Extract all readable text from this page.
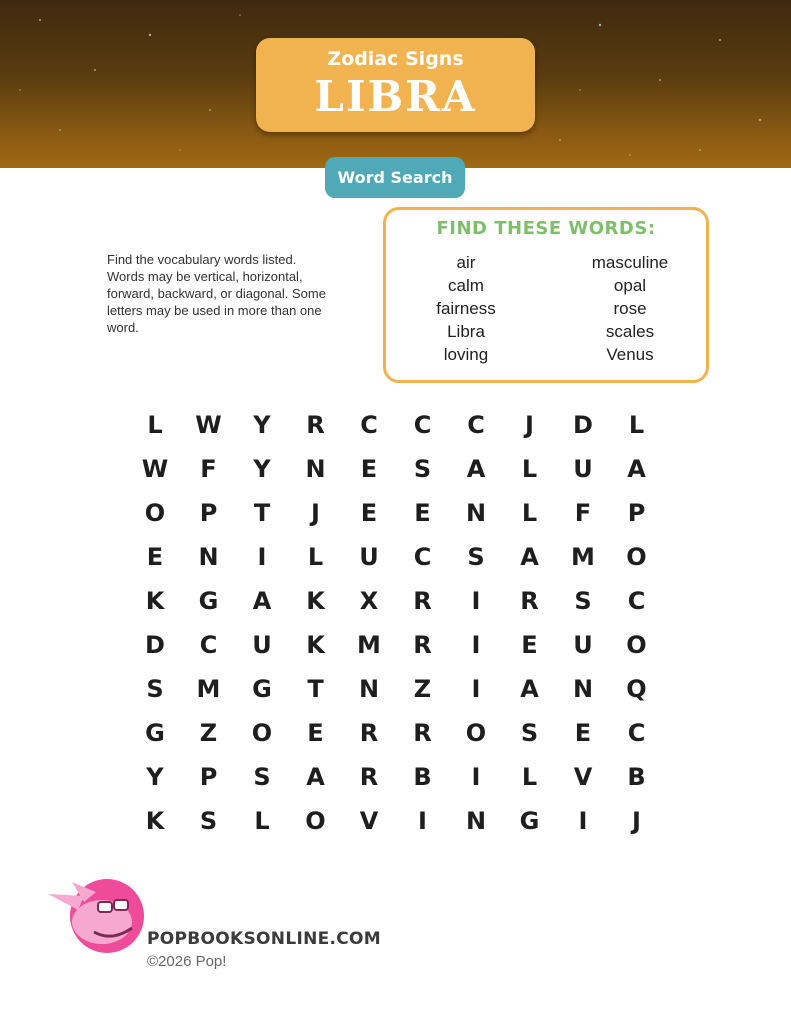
Zodiac Signs
LIBRA
Word Search
Find the vocabulary words listed. Words may be vertical, horizontal, forward, backward, or diagonal. Some letters may be used in more than one word.
FIND THESE WORDS:
air
calm
fairness
Libra
loving
masculine
opal
rose
scales
Venus
L	W	Y	R	C	C	C	J	D	L
W	F	Y	N	E	S	A	L	U	A
O	P	T	J	E	E	N	L	F	P
E	N	I	L	U	C	S	A	M	O
K	G	A	K	X	R	I	R	S	C
D	C	U	K	M	R	I	E	U	O
S	M	G	T	N	Z	I	A	N	Q
G	Z	O	E	R	R	O	S	E	C
Y	P	S	A	R	B	I	L	V	B
K	S	L	O	V	I	N	G	I	J
POPBOOKSONLINE.COM
©2026 Pop!
